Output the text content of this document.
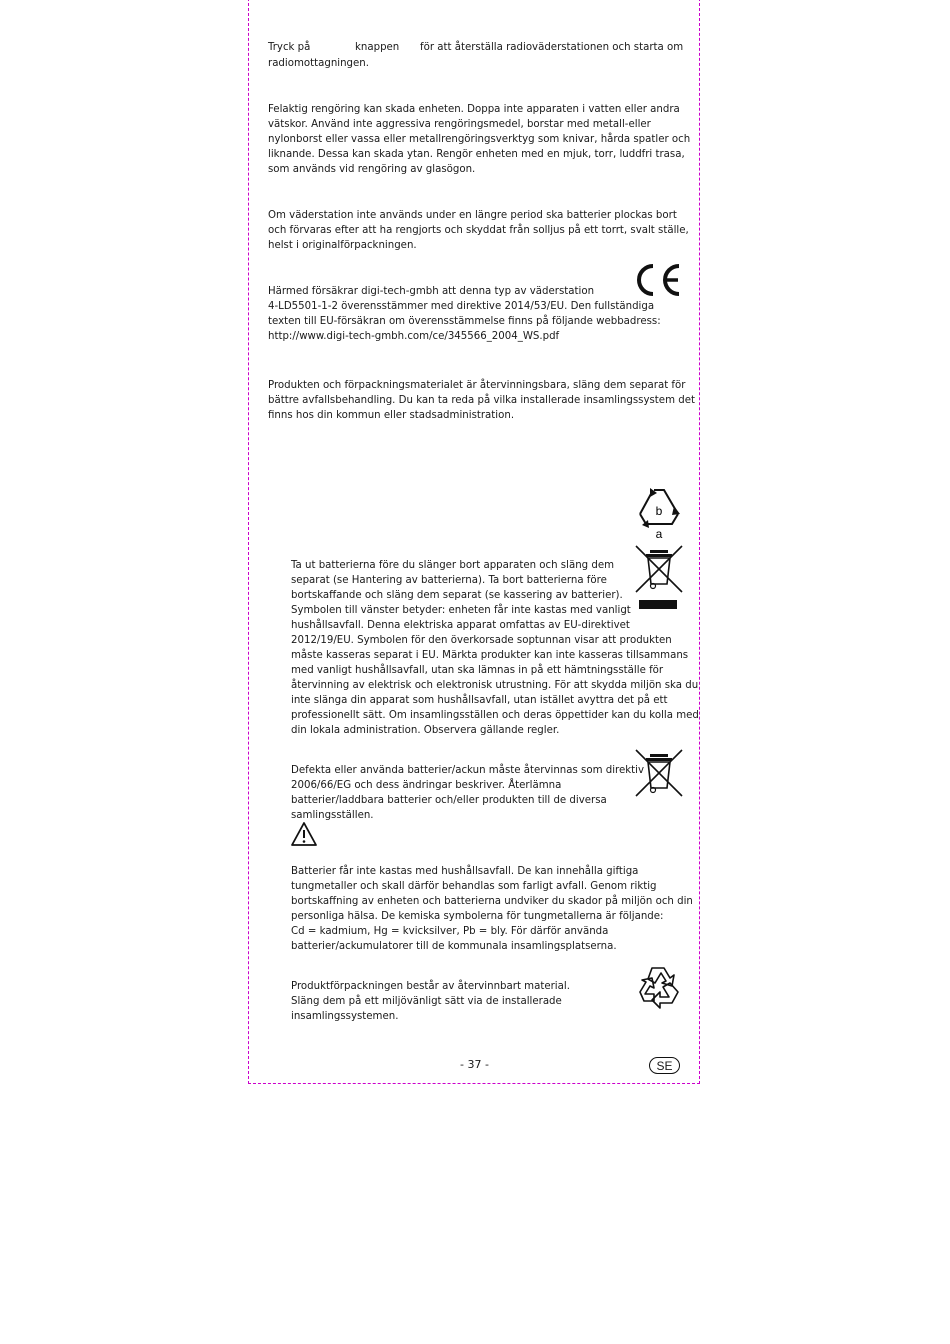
Tryck på	knappen för att återställa radioväderstationen och starta om

radiomottagningen.

Felaktig rengöring kan skada enheten. Doppa inte apparaten i vatten eller andra

vätskor. Använd inte aggressiva rengöringsmedel, borstar med metall-eller

nylonborst eller vassa eller metallrengöringsverktyg som knivar, hårda spatler och

liknande. Dessa kan skada ytan. Rengör enheten med en mjuk, torr, luddfri trasa,

som används vid rengöring av glasögon.

Om väderstation inte används under en längre period ska batterier plockas bort

och förvaras efter att ha rengjorts och skyddat från solljus på ett torrt, svalt ställe,

helst i originalförpackningen.

Härmed försäkrar digi-tech-gmbh att denna typ av väderstation

4-LD5501-1-2 överensstämmer med direktive 2014/53/EU. Den fullständiga

texten till EU-försäkran om överensstämmelse finns på följande webbadress:

http://www.digi-tech-gmbh.com/ce/345566_2004_WS.pdf

Produkten och förpackningsmaterialet är återvinningsbara, släng dem separat för

bättre avfallsbehandling. Du kan ta reda på vilka installerade insamlingssystem det

finns hos din kommun eller stadsadministration.

b
a

Ta ut batterierna före du slänger bort apparaten och släng dem

separat (se Hantering av batterierna). Ta bort batterierna före

bortskaffande och släng dem separat (se kassering av batterier).

Symbolen till vänster betyder: enheten får inte kastas med vanligt

hushållsavfall. Denna elektriska apparat omfattas av EU-direktivet

2012/19/EU. Symbolen för den överkorsade soptunnan visar att produkten

måste kasseras separat i EU. Märkta produkter kan inte kasseras tillsammans

med vanligt hushållsavfall, utan ska lämnas in på ett hämtningsställe för

återvinning av elektrisk och elektronisk utrustning. För att skydda miljön ska du

inte slänga din apparat som hushållsavfall, utan istället avyttra det på ett

professionellt sätt. Om insamlingsställen och deras öppettider kan du kolla med

din lokala administration. Observera gällande regler.

Defekta eller använda batterier/ackun måste återvinnas som direktiv

2006/66/EG och dess ändringar beskriver. Återlämna

batterier/laddbara batterier och/eller produkten till de diversa

samlingsställen.

Batterier får inte kastas med hushållsavfall. De kan innehålla giftiga

tungmetaller och skall därför behandlas som farligt avfall. Genom riktig

bortskaffning av enheten och batterierna undviker du skador på miljön och din

personliga hälsa. De kemiska symbolerna för tungmetallerna är följande:

Cd = kadmium, Hg = kvicksilver, Pb = bly. För därför använda

batterier/ackumulatorer till de kommunala insamlingsplatserna.

Produktförpackningen består av återvinnbart material.

Släng dem på ett miljövänligt sätt via de installerade

insamlingssystemen.

- 37 -	SE
